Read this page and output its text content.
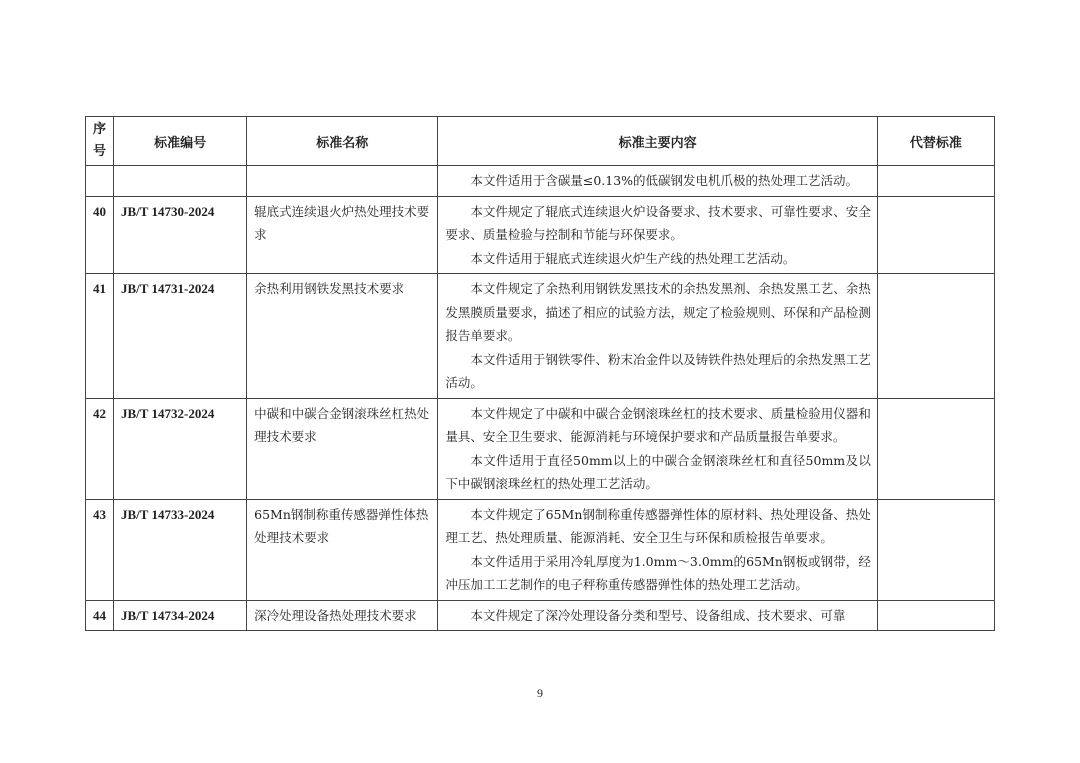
序
号	标准编号	标准名称	标准主要内容	代替标准

			本文件适用于含碳量≤0.13%的低碳钢发电机爪极的热处理工艺活动。	

40	JB/T 14730-2024	辊底式连续退火炉热处理技术要求	本文件规定了辊底式连续退火炉设备要求、技术要求、可靠性要求、安全要求、质量检验与控制和节能与环保要求。

本文件适用于辊底式连续退火炉生产线的热处理工艺活动。	

41	JB/T 14731-2024	余热利用钢铁发黑技术要求	本文件规定了余热利用钢铁发黑技术的余热发黑剂、余热发黑工艺、余热发黑膜质量要求，描述了相应的试验方法，规定了检验规则、环保和产品检测报告单要求。

本文件适用于钢铁零件、粉末冶金件以及铸铁件热处理后的余热发黑工艺活动。	

42	JB/T 14732-2024	中碳和中碳合金钢滚珠丝杠热处理技术要求	本文件规定了中碳和中碳合金钢滚珠丝杠的技术要求、质量检验用仪器和量具、安全卫生要求、能源消耗与环境保护要求和产品质量报告单要求。

本文件适用于直径50mm以上的中碳合金钢滚珠丝杠和直径50mm及以下中碳钢滚珠丝杠的热处理工艺活动。	

43	JB/T 14733-2024	65Mn钢制称重传感器弹性体热处理技术要求	本文件规定了65Mn钢制称重传感器弹性体的原材料、热处理设备、热处理工艺、热处理质量、能源消耗、安全卫生与环保和质检报告单要求。

本文件适用于采用冷轧厚度为1.0mm～3.0mm的65Mn钢板或钢带，经冲压加工工艺制作的电子秤称重传感器弹性体的热处理工艺活动。	

44	JB/T 14734-2024	深冷处理设备热处理技术要求	本文件规定了深冷处理设备分类和型号、设备组成、技术要求、可靠	

9
